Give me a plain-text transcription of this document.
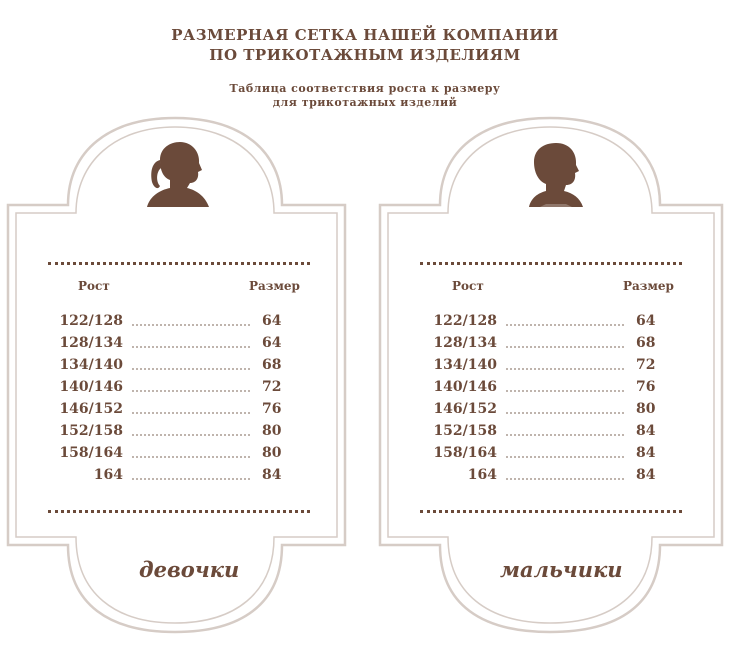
РАЗМЕРНАЯ СЕТКА НАШЕЙ КОМПАНИИ
ПО ТРИКОТАЖНЫМ ИЗДЕЛИЯМ
Таблица соответствия роста к размеру
для трикотажных изделий
Рост	Размер
122/128	64
128/134	64
134/140	68
140/146	72
146/152	76
152/158	80
158/164	80
164	84
девочки
Рост	Размер
122/128	64
128/134	68
134/140	72
140/146	76
146/152	80
152/158	84
158/164	84
164	84
мальчики
